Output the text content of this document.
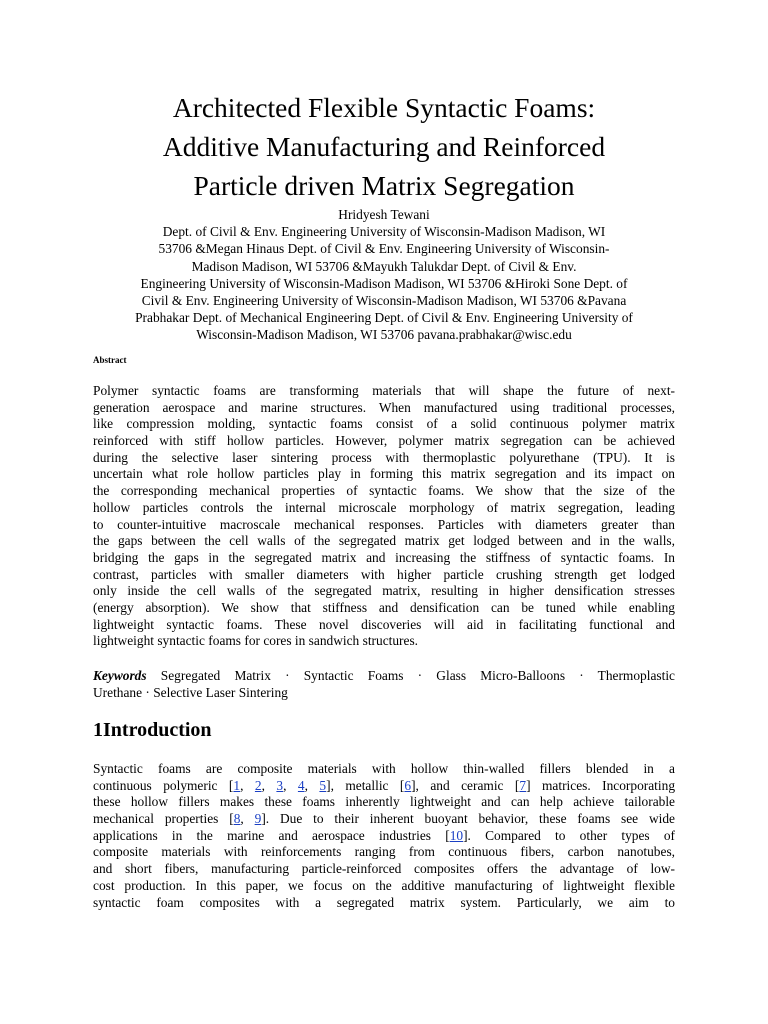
Architected Flexible Syntactic Foams:
Additive Manufacturing and Reinforced
Particle driven Matrix Segregation
Hridyesh Tewani
Dept. of Civil & Env. Engineering University of Wisconsin-Madison Madison, WI
53706 &Megan Hinaus Dept. of Civil & Env. Engineering University of Wisconsin-
Madison Madison, WI 53706 &Mayukh Talukdar Dept. of Civil & Env.
Engineering University of Wisconsin-Madison Madison, WI 53706 &Hiroki Sone Dept. of
Civil & Env. Engineering University of Wisconsin-Madison Madison, WI 53706 &Pavana
Prabhakar Dept. of Mechanical Engineering Dept. of Civil & Env. Engineering University of
Wisconsin-Madison Madison, WI 53706 pavana.prabhakar@wisc.edu
Abstract
Polymer syntactic foams are transforming materials that will shape the future of next-
generation aerospace and marine structures. When manufactured using traditional processes,
like compression molding, syntactic foams consist of a solid continuous polymer matrix
reinforced with stiff hollow particles. However, polymer matrix segregation can be achieved
during the selective laser sintering process with thermoplastic polyurethane (TPU). It is
uncertain what role hollow particles play in forming this matrix segregation and its impact on
the corresponding mechanical properties of syntactic foams. We show that the size of the
hollow particles controls the internal microscale morphology of matrix segregation, leading
to counter-intuitive macroscale mechanical responses. Particles with diameters greater than
the gaps between the cell walls of the segregated matrix get lodged between and in the walls,
bridging the gaps in the segregated matrix and increasing the stiffness of syntactic foams. In
contrast, particles with smaller diameters with higher particle crushing strength get lodged
only inside the cell walls of the segregated matrix, resulting in higher densification stresses
(energy absorption). We show that stiffness and densification can be tuned while enabling
lightweight syntactic foams. These novel discoveries will aid in facilitating functional and
lightweight syntactic foams for cores in sandwich structures.
Keywords Segregated Matrix · Syntactic Foams · Glass Micro-Balloons · Thermoplastic
Urethane · Selective Laser Sintering
1Introduction
Syntactic foams are composite materials with hollow thin-walled fillers blended in a
continuous polymeric [1, 2, 3, 4, 5], metallic [6], and ceramic [7] matrices. Incorporating
these hollow fillers makes these foams inherently lightweight and can help achieve tailorable
mechanical properties [8, 9]. Due to their inherent buoyant behavior, these foams see wide
applications in the marine and aerospace industries [10]. Compared to other types of
composite materials with reinforcements ranging from continuous fibers, carbon nanotubes,
and short fibers, manufacturing particle-reinforced composites offers the advantage of low-
cost production. In this paper, we focus on the additive manufacturing of lightweight flexible
syntactic foam composites with a segregated matrix system. Particularly, we aim to
